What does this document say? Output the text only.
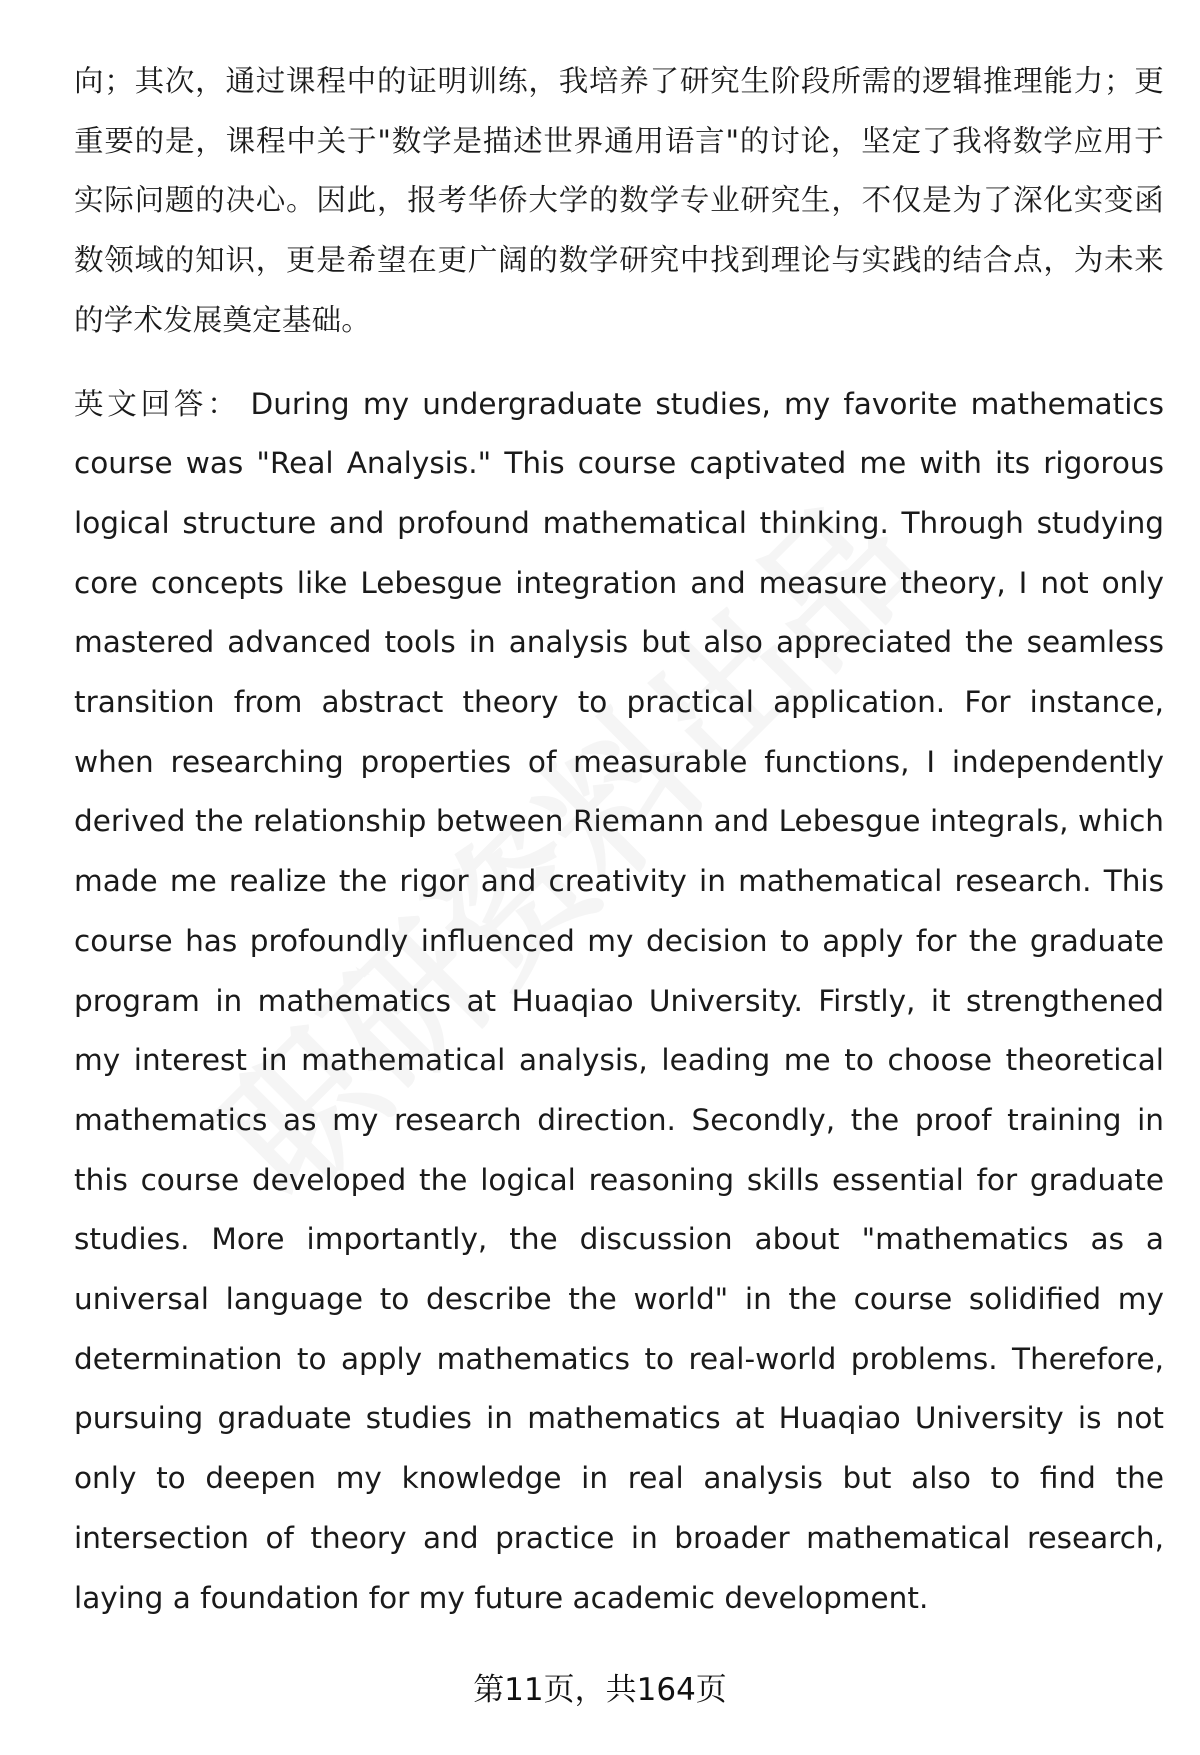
向；其次，通过课程中的证明训练，我培养了研究生阶段所需的逻辑推理能力；更重要的是，课程中关于"数学是描述世界通用语言"的讨论，坚定了我将数学应用于实际问题的决心。因此，报考华侨大学的数学专业研究生，不仅是为了深化实变函数领域的知识，更是希望在更广阔的数学研究中找到理论与实践的结合点，为未来的学术发展奠定基础。

英文回答： During my undergraduate studies, my favorite mathematics course was "Real Analysis." This course captivated me with its rigorous logical structure and profound mathematical thinking. Through studying core concepts like Lebesgue integration and measure theory, I not only mastered advanced tools in analysis but also appreciated the seamless transition from abstract theory to practical application. For instance, when researching properties of measurable functions, I independently derived the relationship between Riemann and Lebesgue integrals, which made me realize the rigor and creativity in mathematical research. This course has profoundly influenced my decision to apply for the graduate program in mathematics at Huaqiao University. Firstly, it strengthened my interest in mathematical analysis, leading me to choose theoretical mathematics as my research direction. Secondly, the proof training in this course developed the logical reasoning skills essential for graduate studies. More importantly, the discussion about "mathematics as a universal language to describe the world" in the course solidified my determination to apply mathematics to real-world problems. Therefore, pursuing graduate studies in mathematics at Huaqiao University is not only to deepen my knowledge in real analysis but also to find the intersection of theory and practice in broader mathematical research, laying a foundation for my future academic development.

第11页，共164页
